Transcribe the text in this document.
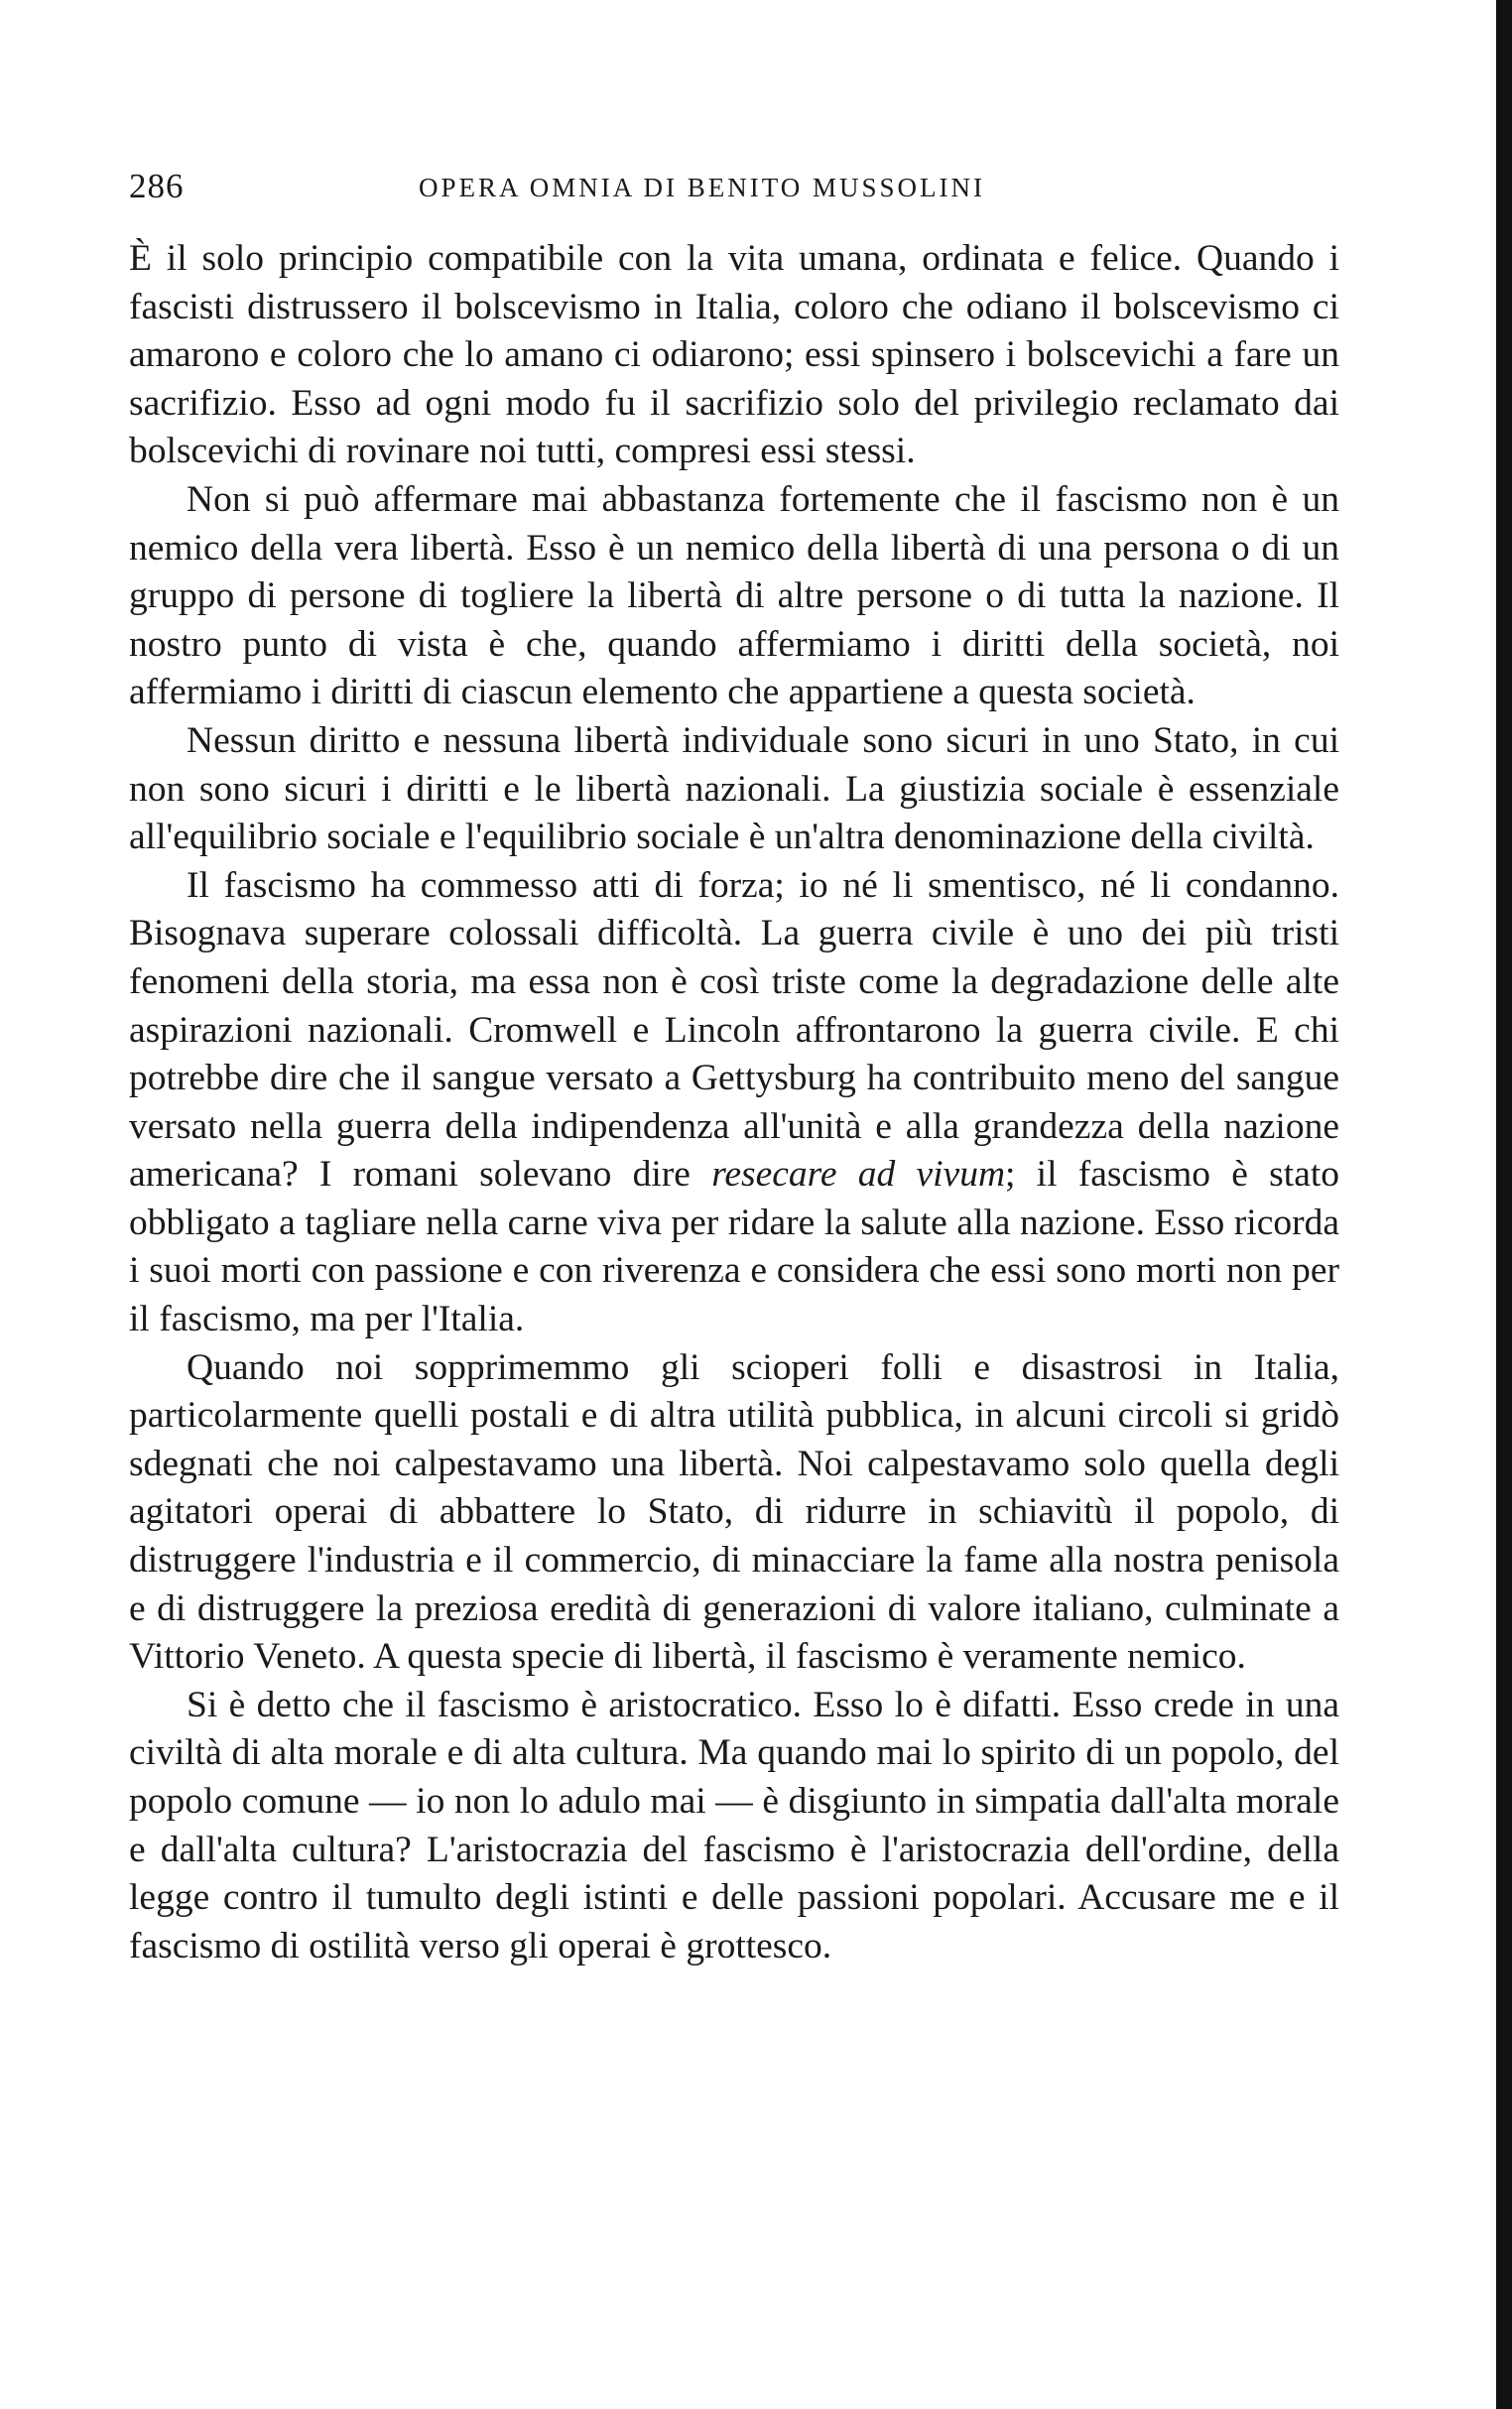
286	OPERA OMNIA DI BENITO MUSSOLINI

È il solo principio compatibile con la vita umana, ordinata e felice. Quando i fascisti distrussero il bolscevismo in Italia, coloro che odiano il bolscevismo ci amarono e coloro che lo amano ci odiarono; essi spinsero i bolscevichi a fare un sacrifizio. Esso ad ogni modo fu il sacrifizio solo del privilegio reclamato dai bolscevichi di rovinare noi tutti, compresi essi stessi.

Non si può affermare mai abbastanza fortemente che il fascismo non è un nemico della vera libertà. Esso è un nemico della libertà di una persona o di un gruppo di persone di togliere la libertà di altre persone o di tutta la nazione. Il nostro punto di vista è che, quando affermiamo i diritti della società, noi affermiamo i diritti di ciascun elemento che appartiene a questa società.

Nessun diritto e nessuna libertà individuale sono sicuri in uno Stato, in cui non sono sicuri i diritti e le libertà nazionali. La giustizia sociale è essenziale all'equilibrio sociale e l'equilibrio sociale è un'altra denominazione della civiltà.

Il fascismo ha commesso atti di forza; io né li smentisco, né li condanno. Bisognava superare colossali difficoltà. La guerra civile è uno dei più tristi fenomeni della storia, ma essa non è così triste come la degradazione delle alte aspirazioni nazionali. Cromwell e Lincoln affrontarono la guerra civile. E chi potrebbe dire che il sangue versato a Gettysburg ha contribuito meno del sangue versato nella guerra della indipendenza all'unità e alla grandezza della nazione americana? I romani solevano dire resecare ad vivum; il fascismo è stato obbligato a tagliare nella carne viva per ridare la salute alla nazione. Esso ricorda i suoi morti con passione e con riverenza e considera che essi sono morti non per il fascismo, ma per l'Italia.

Quando noi sopprimemmo gli scioperi folli e disastrosi in Italia, particolarmente quelli postali e di altra utilità pubblica, in alcuni circoli si gridò sdegnati che noi calpestavamo una libertà. Noi calpestavamo solo quella degli agitatori operai di abbattere lo Stato, di ridurre in schiavitù il popolo, di distruggere l'industria e il commercio, di minacciare la fame alla nostra penisola e di distruggere la preziosa eredità di generazioni di valore italiano, culminate a Vittorio Veneto. A questa specie di libertà, il fascismo è veramente nemico.

Si è detto che il fascismo è aristocratico. Esso lo è difatti. Esso crede in una civiltà di alta morale e di alta cultura. Ma quando mai lo spirito di un popolo, del popolo comune — io non lo adulo mai — è disgiunto in simpatia dall'alta morale e dall'alta cultura? L'aristocrazia del fascismo è l'aristocrazia dell'ordine, della legge contro il tumulto degli istinti e delle passioni popolari. Accusare me e il fascismo di ostilità verso gli operai è grottesco.
